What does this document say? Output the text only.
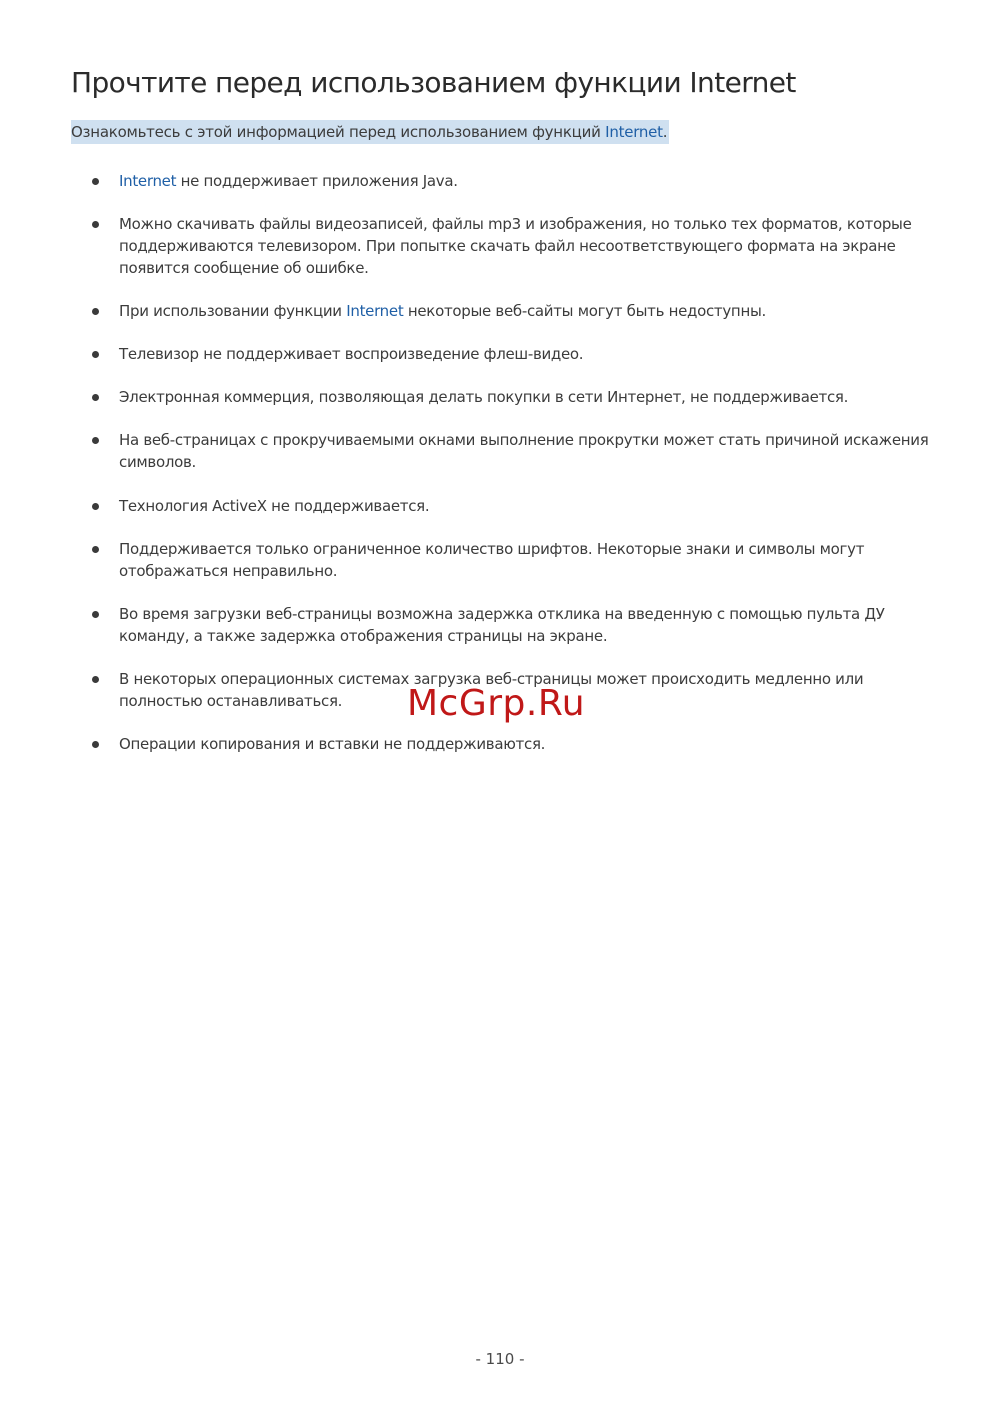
Прочтите перед использованием функции Internet
Ознакомьтесь с этой информацией перед использованием функций Internet.
Internet не поддерживает приложения Java.
Можно скачивать файлы видеозаписей, файлы mp3 и изображения, но только тех форматов, которые
поддерживаются телевизором. При попытке скачать файл несоответствующего формата на экране
появится сообщение об ошибке.
При использовании функции Internet некоторые веб-сайты могут быть недоступны.
Телевизор не поддерживает воспроизведение флеш-видео.
Электронная коммерция, позволяющая делать покупки в сети Интернет, не поддерживается.
На веб-страницах с прокручиваемыми окнами выполнение прокрутки может стать причиной искажения
символов.
Технология ActiveX не поддерживается.
Поддерживается только ограниченное количество шрифтов. Некоторые знаки и символы могут
отображаться неправильно.
Во время загрузки веб-страницы возможна задержка отклика на введенную с помощью пульта ДУ
команду, а также задержка отображения страницы на экране.
В некоторых операционных системах загрузка веб-страницы может происходить медленно или
полностью останавливаться.
Операции копирования и вставки не поддерживаются.
McGrp.Ru
- 110 -
